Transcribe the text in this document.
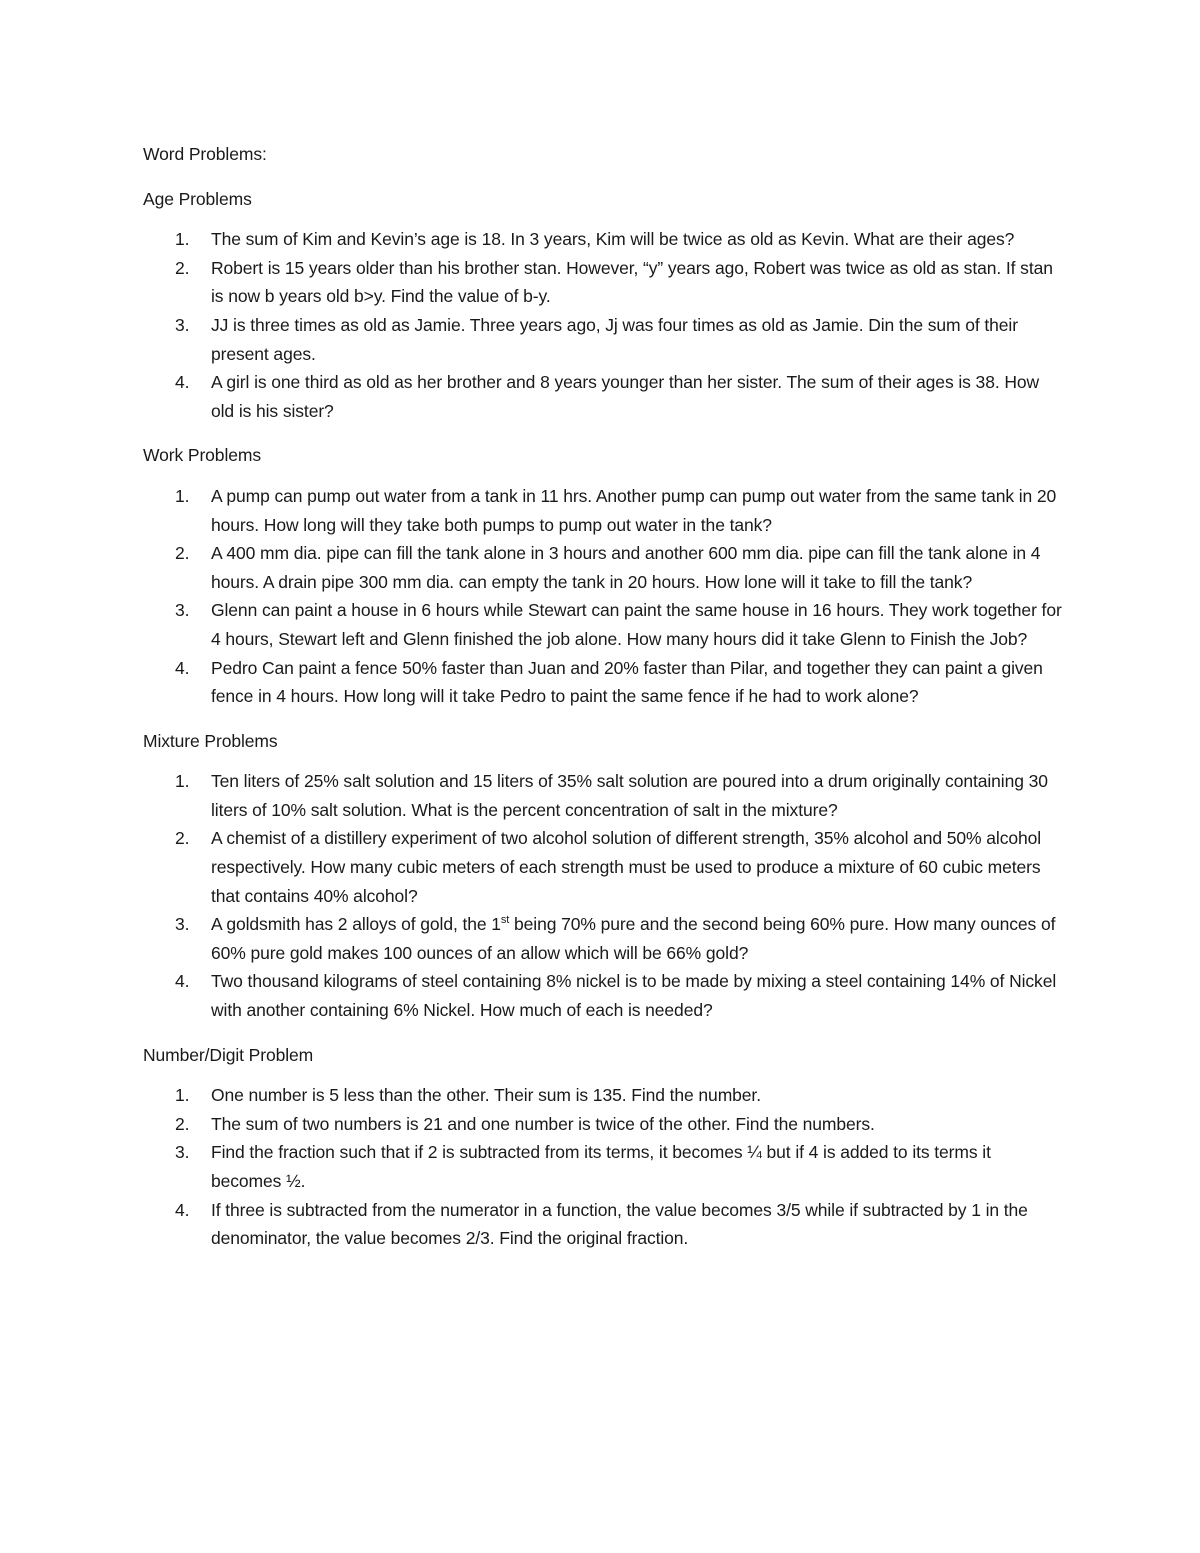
Word Problems:

Age Problems

1. The sum of Kim and Kevin’s age is 18. In 3 years, Kim will be twice as old as Kevin. What are their ages?
2. Robert is 15 years older than his brother stan. However, “y” years ago, Robert was twice as old as stan. If stan is now b years old b>y. Find the value of b-y.
3. JJ is three times as old as Jamie. Three years ago, Jj was four times as old as Jamie. Din the sum of their present ages.
4. A girl is one third as old as her brother and 8 years younger than her sister. The sum of their ages is 38. How old is his sister?

Work Problems

1. A pump can pump out water from a tank in 11 hrs. Another pump can pump out water from the same tank in 20 hours. How long will they take both pumps to pump out water in the tank?
2. A 400 mm dia. pipe can fill the tank alone in 3 hours and another 600 mm dia. pipe can fill the tank alone in 4 hours. A drain pipe 300 mm dia. can empty the tank in 20 hours. How lone will it take to fill the tank?
3. Glenn can paint a house in 6 hours while Stewart can paint the same house in 16 hours. They work together for 4 hours, Stewart left and Glenn finished the job alone. How many hours did it take Glenn to Finish the Job?
4. Pedro Can paint a fence 50% faster than Juan and 20% faster than Pilar, and together they can paint a given fence in 4 hours. How long will it take Pedro to paint the same fence if he had to work alone?

Mixture Problems

1. Ten liters of 25% salt solution and 15 liters of 35% salt solution are poured into a drum originally containing 30 liters of 10% salt solution. What is the percent concentration of salt in the mixture?
2. A chemist of a distillery experiment of two alcohol solution of different strength, 35% alcohol and 50% alcohol respectively. How many cubic meters of each strength must be used to produce a mixture of 60 cubic meters that contains 40% alcohol?
3. A goldsmith has 2 alloys of gold, the 1st being 70% pure and the second being 60% pure. How many ounces of 60% pure gold makes 100 ounces of an allow which will be 66% gold?
4. Two thousand kilograms of steel containing 8% nickel is to be made by mixing a steel containing 14% of Nickel with another containing 6% Nickel. How much of each is needed?

Number/Digit Problem

1. One number is 5 less than the other. Their sum is 135. Find the number.
2. The sum of two numbers is 21 and one number is twice of the other. Find the numbers.
3. Find the fraction such that if 2 is subtracted from its terms, it becomes ¼ but if 4 is added to its terms it becomes ½.
4. If three is subtracted from the numerator in a function, the value becomes 3/5 while if subtracted by 1 in the denominator, the value becomes 2/3. Find the original fraction.
